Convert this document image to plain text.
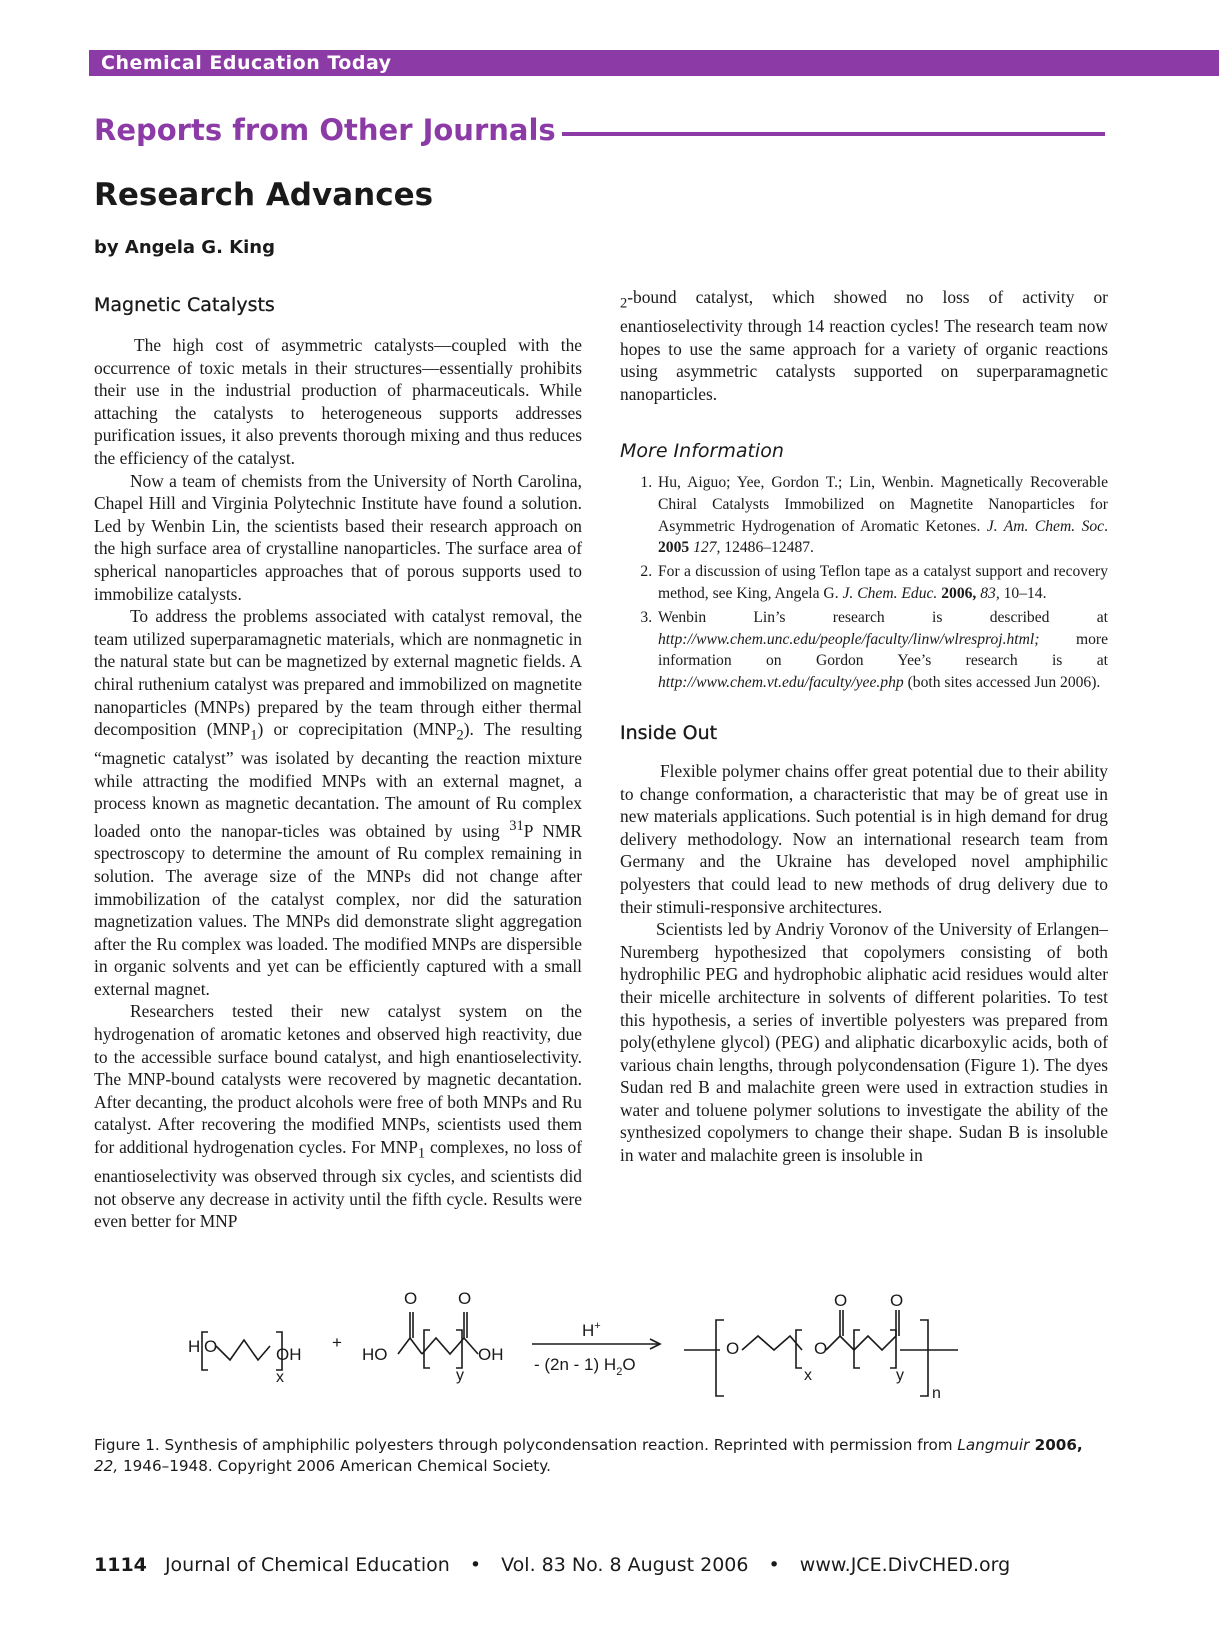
Chemical Education Today
Reports from Other Journals
Research Advances

by Angela G. King

Magnetic Catalysts

The high cost of asymmetric catalysts—coupled with the occurrence of toxic metals in their structures—essentially prohibits their use in the industrial production of pharmaceuticals. While attaching the catalysts to heterogeneous supports addresses purification issues, it also prevents thorough mixing and thus reduces the efficiency of the catalyst.

Now a team of chemists from the University of North Carolina, Chapel Hill and Virginia Polytechnic Institute have found a solution. Led by Wenbin Lin, the scientists based their research approach on the high surface area of crystalline nanoparticles. The surface area of spherical nanoparticles approaches that of porous supports used to immobilize catalysts.

To address the problems associated with catalyst removal, the team utilized superparamagnetic materials, which are nonmagnetic in the natural state but can be magnetized by external magnetic fields. A chiral ruthenium catalyst was prepared and immobilized on magnetite nanoparticles (MNPs) prepared by the team through either thermal decomposition $(MNP_1)$ or coprecipitation $(MNP_2)$. The resulting “magnetic catalyst” was isolated by decanting the reaction mixture while attracting the modified MNPs with an external magnet, a process known as magnetic decantation. The amount of Ru complex loaded onto the nanopar-ticles was obtained by using $^{31}$P NMR spectroscopy to determine the amount of Ru complex remaining in solution. The average size of the MNPs did not change after immobilization of the catalyst complex, nor did the saturation magnetization values. The MNPs did demonstrate slight aggregation after the Ru complex was loaded. The modified MNPs are dispersible in organic solvents and yet can be efficiently captured with a small external magnet.

Researchers tested their new catalyst system on the hydrogenation of aromatic ketones and observed high reactivity, due to the accessible surface bound catalyst, and high enantioselectivity. The MNP-bound catalysts were recovered by magnetic decantation. After decanting, the product alcohols were free of both MNPs and Ru catalyst. After recovering the modified MNPs, scientists used them for additional hydrogenation cycles. For $MNP_1$ complexes, no loss of enantioselectivity was observed through six cycles, and scientists did not observe any decrease in activity until the fifth cycle. Results were even better for MNP

$_2$-bound catalyst, which showed no loss of activity or enantioselectivity through 14 reaction cycles! The research team now hopes to use the same approach for a variety of organic reactions using asymmetric catalysts supported on superparamagnetic nanoparticles.

More Information
1. Hu, Aiguo; Yee, Gordon T.; Lin, Wenbin. Magnetically Recoverable Chiral Catalysts Immobilized on Magnetite Nanoparticles for Asymmetric Hydrogenation of Aromatic Ketones. J. Am. Chem. Soc. 2005 127, 12486–12487.
2. For a discussion of using Teflon tape as a catalyst support and recovery method, see King, Angela G. J. Chem. Educ. 2006, 83, 10–14.
3. Wenbin Lin’s research is described at http://www.chem.unc.edu/people/faculty/linw/wlresproj.html; more information on Gordon Yee’s research is at http://www.chem.vt.edu/faculty/yee.php (both sites accessed Jun 2006).
Inside Out

Flexible polymer chains offer great potential due to their ability to change conformation, a characteristic that may be of great use in new materials applications. Such potential is in high demand for drug delivery methodology. Now an international research team from Germany and the Ukraine has developed novel amphiphilic polyesters that could lead to new methods of drug delivery due to their stimuli-responsive architectures.

Scientists led by Andriy Voronov of the University of Erlangen–Nuremberg hypothesized that copolymers consisting of both hydrophilic PEG and hydrophobic aliphatic acid residues would alter their micelle architecture in solvents of different polarities. To test this hypothesis, a series of invertible polyesters was prepared from poly(ethylene glycol) (PEG) and aliphatic dicarboxylic acids, both of various chain lengths, through polycondensation (Figure 1). The dyes Sudan red B and malachite green were used in extraction studies in water and toluene polymer solutions to investigate the ability of the synthesized copolymers to change their shape. Sudan B is insoluble in water and malachite green is insoluble in

H O	OH
x
+
HO
O O
y
OH
H+
- (2n - 1) $H_2O$
O
x
O
O	O
y
n

Figure 1. Synthesis of amphiphilic polyesters through polycondensation reaction. Reprinted with permission from Langmuir 2006, 22, 1946–1948. Copyright 2006 American Chemical Society.

1114 Journal of Chemical Education • Vol. 83 No. 8 August 2006 • www.JCE.DivCHED.org
